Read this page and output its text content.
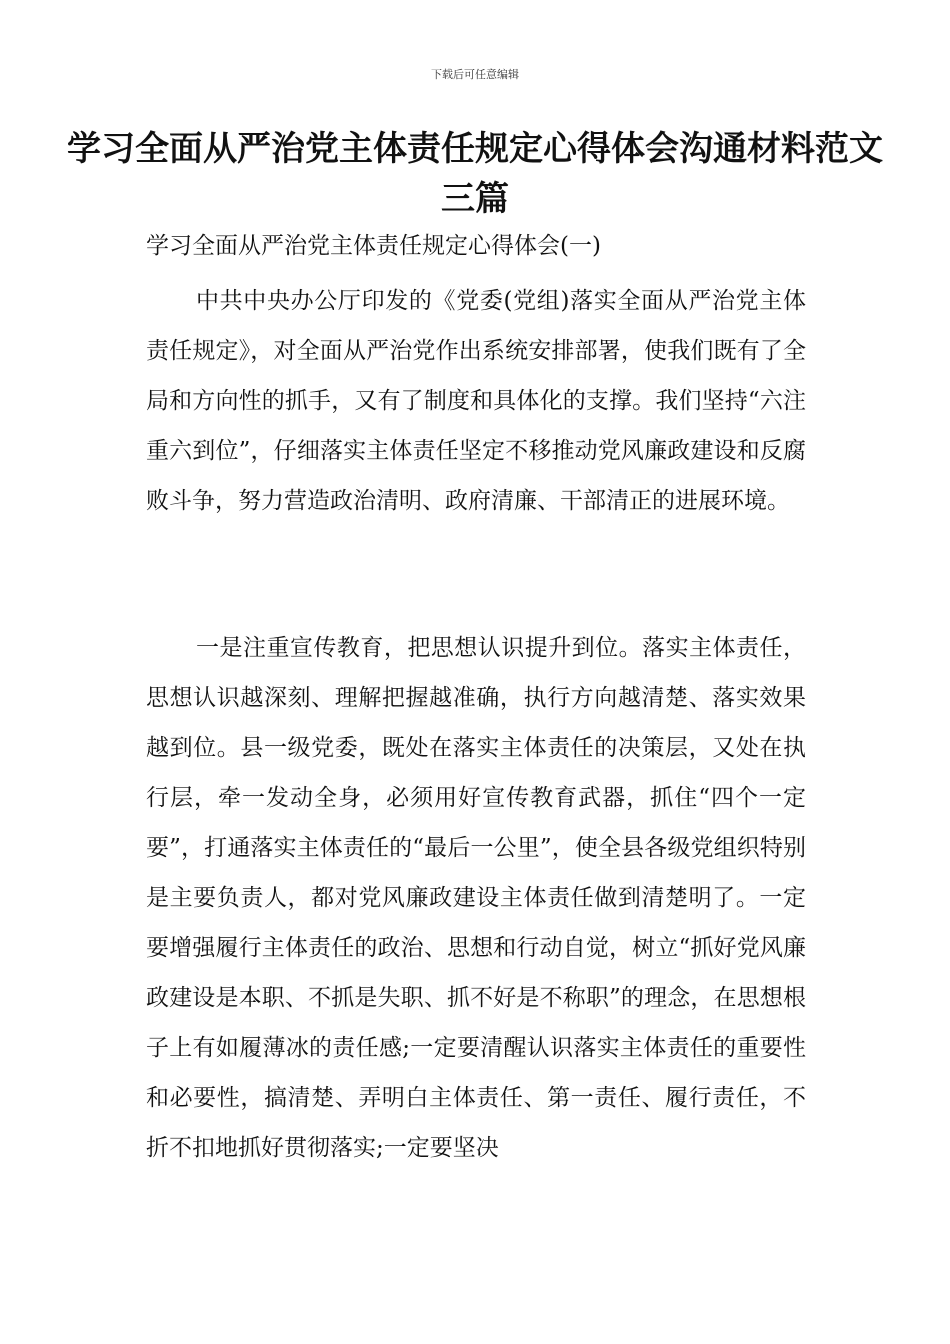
下载后可任意编辑
学习全面从严治党主体责任规定心得体会沟通材料范文三篇
学习全面从严治党主体责任规定心得体会(一)

中共中央办公厅印发的《党委(党组)落实全面从严治党主体责任规定》，对全面从严治党作出系统安排部署，使我们既有了全局和方向性的抓手，又有了制度和具体化的支撑。我们坚持“六注重六到位”，仔细落实主体责任坚定不移推动党风廉政建设和反腐败斗争，努力营造政治清明、政府清廉、干部清正的进展环境。

一是注重宣传教育，把思想认识提升到位。落实主体责任，思想认识越深刻、理解把握越准确，执行方向越清楚、落实效果越到位。县一级党委，既处在落实主体责任的决策层，又处在执行层，牵一发动全身，必须用好宣传教育武器，抓住“四个一定要”，打通落实主体责任的“最后一公里”，使全县各级党组织特别是主要负责人，都对党风廉政建设主体责任做到清楚明了。一定要增强履行主体责任的政治、思想和行动自觉，树立“抓好党风廉政建设是本职、不抓是失职、抓不好是不称职”的理念，在思想根子上有如履薄冰的责任感;一定要清醒认识落实主体责任的重要性和必要性，搞清楚、弄明白主体责任、第一责任、履行责任，不折不扣地抓好贯彻落实;一定要坚决
